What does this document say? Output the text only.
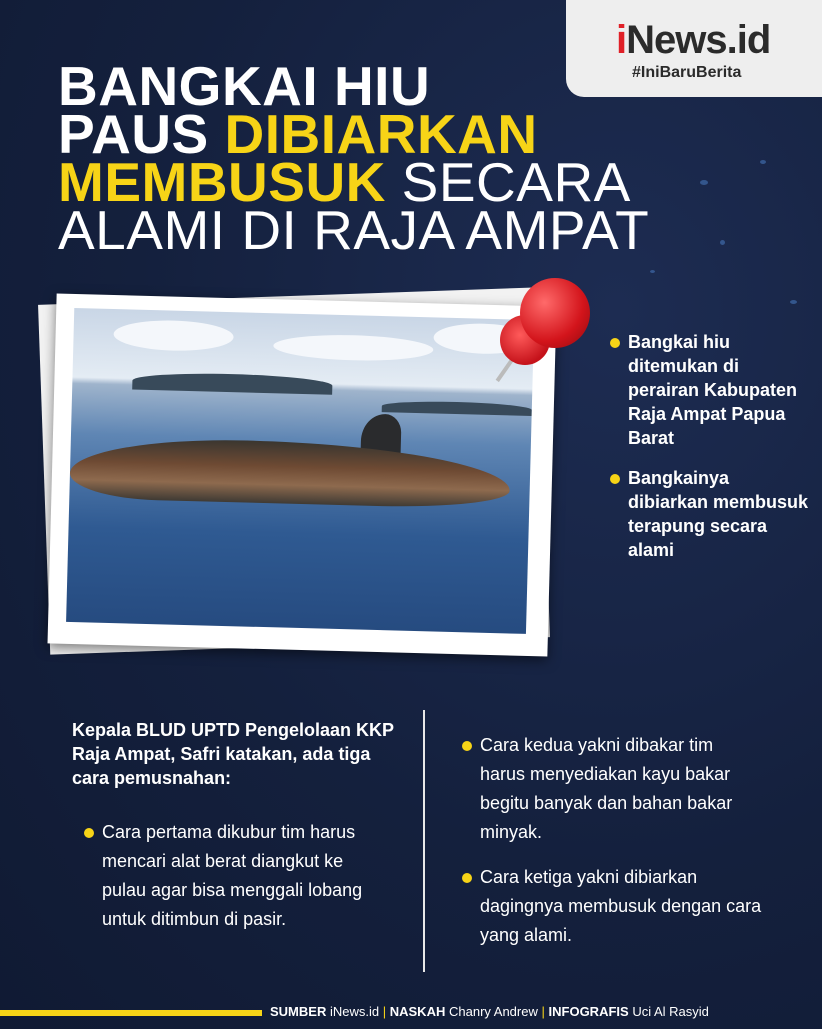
iNews.id
#IniBaruBerita
BANGKAI HIU
PAUS DIBIARKAN
MEMBUSUK SECARA
ALAMI DI RAJA AMPAT
Bangkai hiu ditemukan di perairan Kabupaten Raja Ampat Papua Barat
Bangkainya dibiarkan membusuk terapung secara alami
Kepala BLUD UPTD Pengelolaan KKP Raja Ampat, Safri katakan, ada tiga cara pemusnahan:
Cara pertama dikubur tim harus mencari alat berat diangkut ke pulau agar bisa menggali lobang untuk ditimbun di pasir.
Cara kedua yakni dibakar tim harus menyediakan kayu bakar begitu banyak dan bahan bakar minyak.
Cara ketiga yakni dibiarkan dagingnya membusuk dengan cara yang alami.
SUMBER iNews.id | NASKAH Chanry Andrew | INFOGRAFIS Uci Al Rasyid
